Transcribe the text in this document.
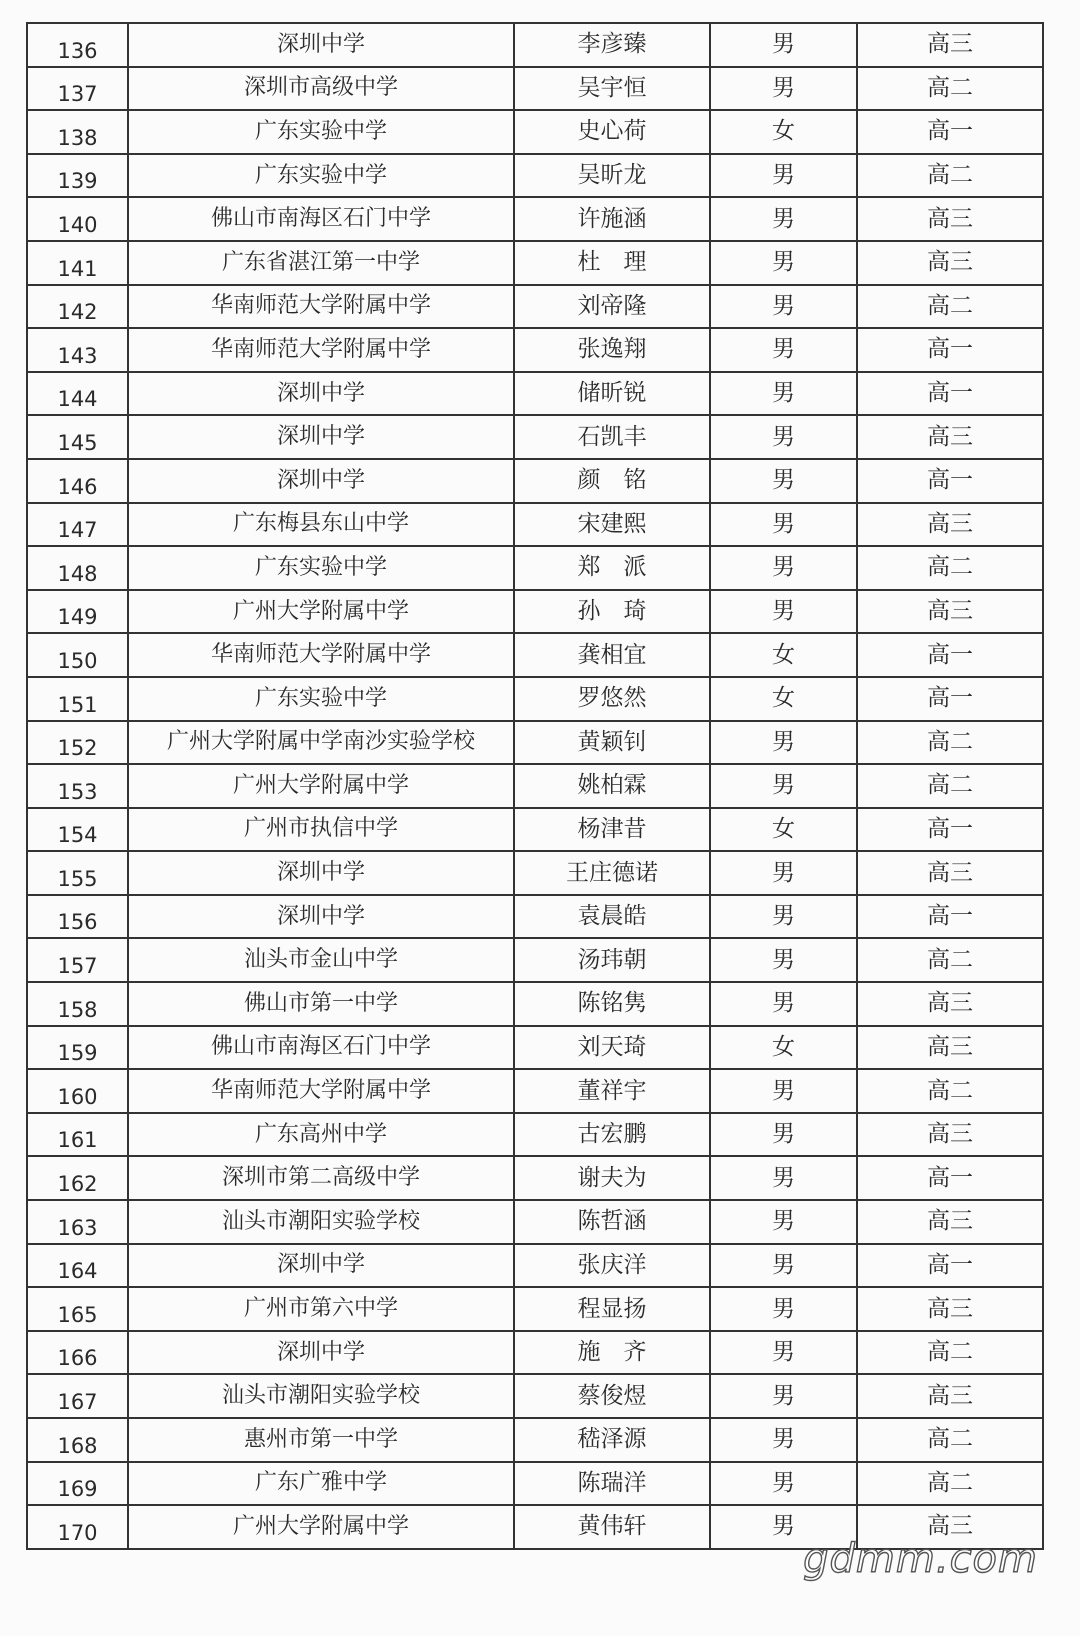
136	深圳中学	李彦臻	男	高三
137	深圳市高级中学	吴宇恒	男	高二
138	广东实验中学	史心荷	女	高一
139	广东实验中学	吴昕龙	男	高二
140	佛山市南海区石门中学	许施涵	男	高三
141	广东省湛江第一中学	杜　理	男	高三
142	华南师范大学附属中学	刘帝隆	男	高二
143	华南师范大学附属中学	张逸翔	男	高一
144	深圳中学	储昕锐	男	高一
145	深圳中学	石凯丰	男	高三
146	深圳中学	颜　铭	男	高一
147	广东梅县东山中学	宋建熙	男	高三
148	广东实验中学	郑　派	男	高二
149	广州大学附属中学	孙　琦	男	高三
150	华南师范大学附属中学	龚相宜	女	高一
151	广东实验中学	罗悠然	女	高一
152	广州大学附属中学南沙实验学校	黄颖钊	男	高二
153	广州大学附属中学	姚柏霖	男	高二
154	广州市执信中学	杨津昔	女	高一
155	深圳中学	王庄德诺	男	高三
156	深圳中学	袁晨皓	男	高一
157	汕头市金山中学	汤玮朝	男	高二
158	佛山市第一中学	陈铭隽	男	高三
159	佛山市南海区石门中学	刘天琦	女	高三
160	华南师范大学附属中学	董祥宇	男	高二
161	广东高州中学	古宏鹏	男	高三
162	深圳市第二高级中学	谢夫为	男	高一
163	汕头市潮阳实验学校	陈哲涵	男	高三
164	深圳中学	张庆洋	男	高一
165	广州市第六中学	程显扬	男	高三
166	深圳中学	施　齐	男	高二
167	汕头市潮阳实验学校	蔡俊煜	男	高三
168	惠州市第一中学	嵇泽源	男	高二
169	广东广雅中学	陈瑞洋	男	高二
170	广州大学附属中学	黄伟轩	男	高三
gdmm.com
